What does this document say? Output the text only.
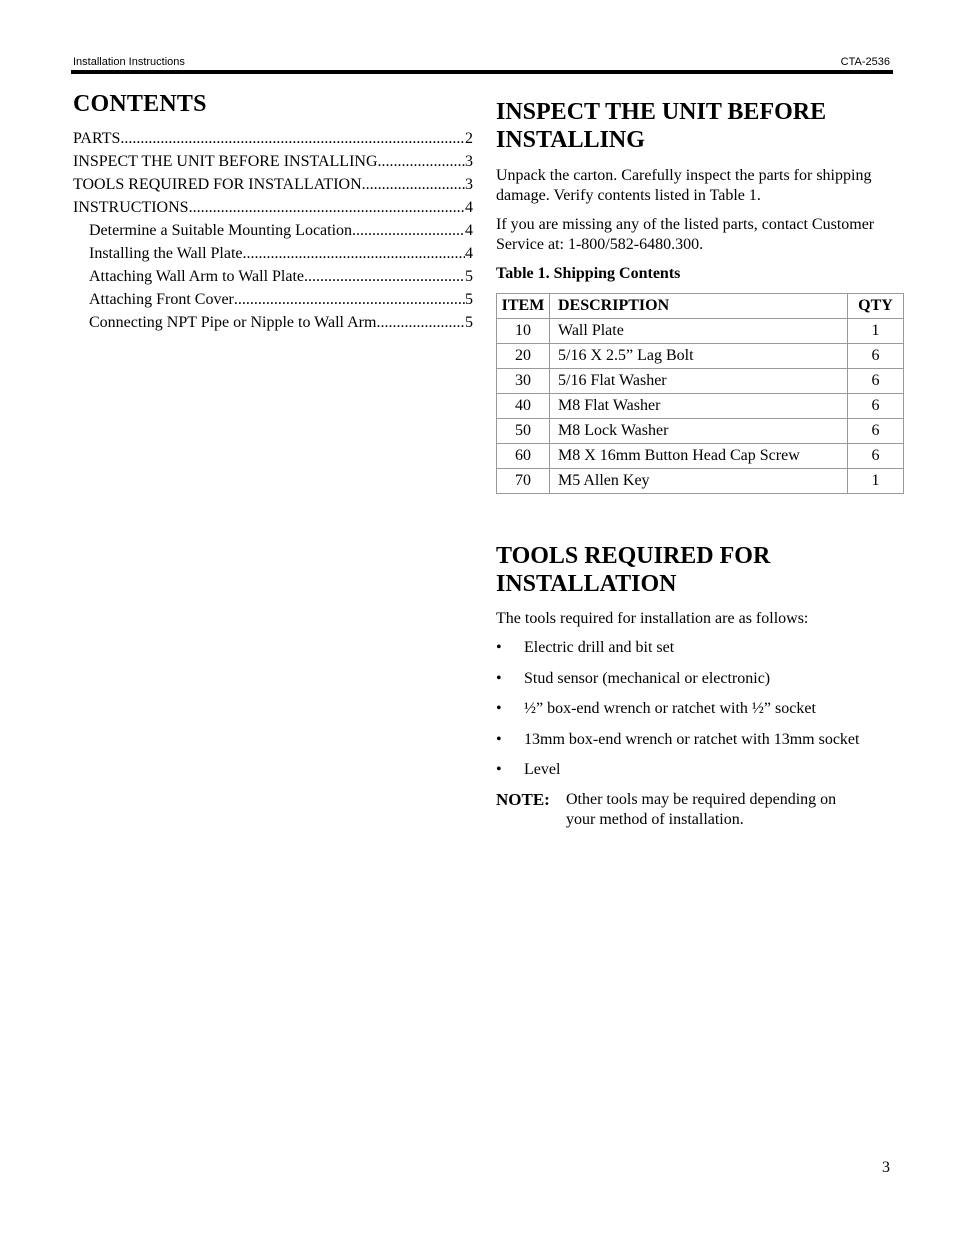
Installation Instructions	CTA-2536
CONTENTS
PARTS .....	2
INSPECT THE UNIT BEFORE INSTALLING .....	3
TOOLS REQUIRED FOR INSTALLATION .....	3
INSTRUCTIONS .....	4
Determine a Suitable Mounting Location .....	4
Installing the Wall Plate .....	4
Attaching Wall Arm to Wall Plate .....	5
Attaching Front Cover .....	5
Connecting NPT Pipe or Nipple to Wall Arm. .....	5
INSPECT THE UNIT BEFORE INSTALLING

Unpack the carton. Carefully inspect the parts for shipping damage. Verify contents listed in Table 1.

If you are missing any of the listed parts, contact Customer Service at: 1-800/582-6480.300.

Table 1. Shipping Contents
ITEM	DESCRIPTION	QTY
10	Wall Plate	1
20	5/16 X 2.5” Lag Bolt	6
30	5/16 Flat Washer	6
40	M8 Flat Washer	6
50	M8 Lock Washer	6
60	M8 X 16mm Button Head Cap Screw	6
70	M5 Allen Key	1
TOOLS REQUIRED FOR INSTALLATION

The tools required for installation are as follows:

• Electric drill and bit set
• Stud sensor (mechanical or electronic)
• ½” box-end wrench or ratchet with ½” socket
• 13mm box-end wrench or ratchet with 13mm socket
• Level
NOTE: Other tools may be required depending on your method of installation.
3
